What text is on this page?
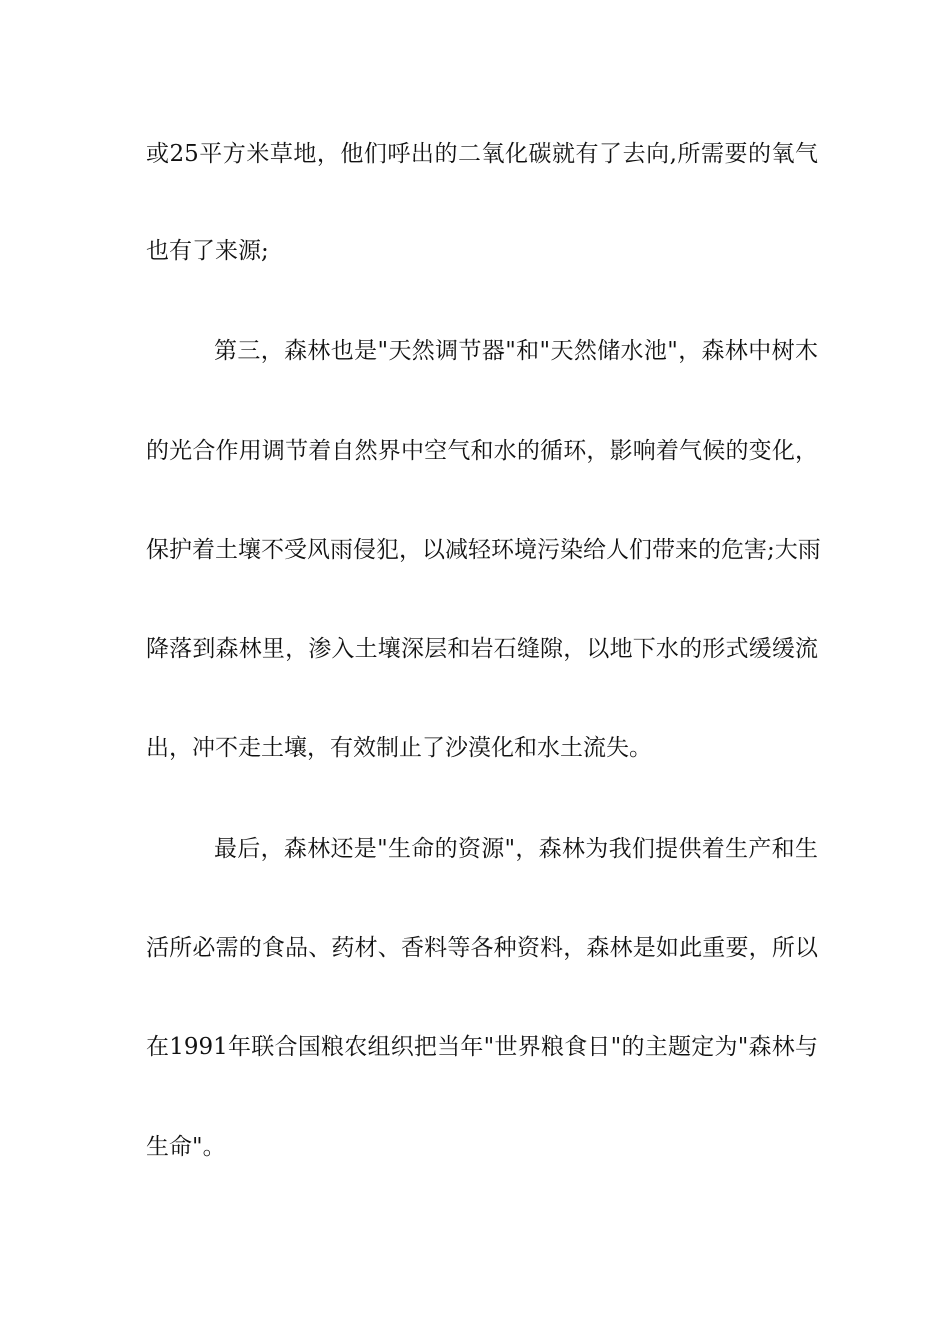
或25平方米草地，他们呼出的二氧化碳就有了去向,所需要的氧气

也有了来源;

第三，森林也是"天然调节器"和"天然储水池"，森林中树木

的光合作用调节着自然界中空气和水的循环，影响着气候的变化，

保护着土壤不受风雨侵犯，以减轻环境污染给人们带来的危害;大雨

降落到森林里，渗入土壤深层和岩石缝隙，以地下水的形式缓缓流

出，冲不走土壤，有效制止了沙漠化和水土流失。

最后，森林还是"生命的资源"，森林为我们提供着生产和生

活所必需的食品、药材、香料等各种资料，森林是如此重要，所以

在1991年联合国粮农组织把当年"世界粮食日"的主题定为"森林与

生命"。
